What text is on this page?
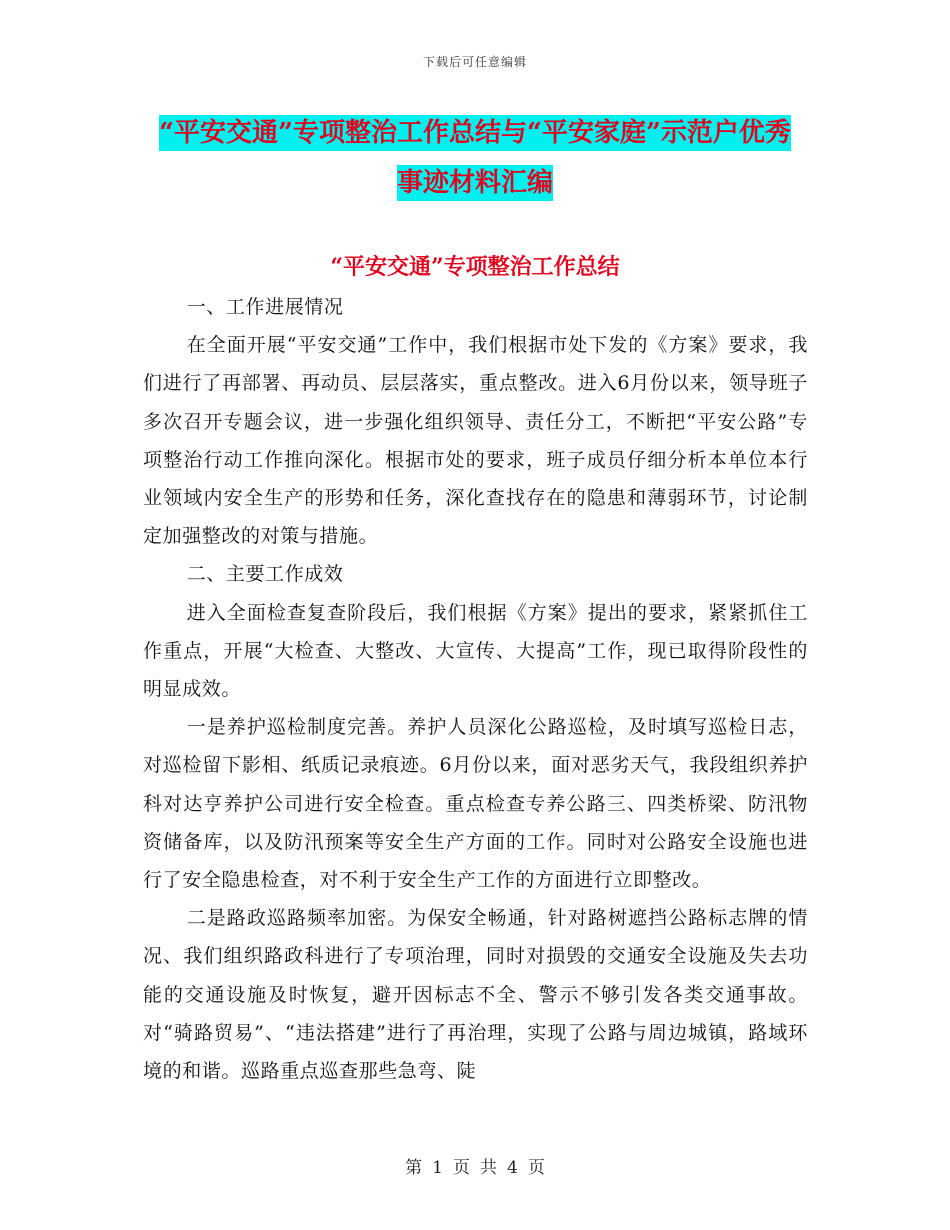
下载后可任意编辑
“平安交通”专项整治工作总结与“平安家庭”示范户优秀事迹材料汇编
“平安交通”专项整治工作总结

一、工作进展情况

在全面开展“平安交通”工作中，我们根据市处下发的《方案》要求，我们进行了再部署、再动员、层层落实，重点整改。进入6月份以来，领导班子多次召开专题会议，进一步强化组织领导、责任分工，不断把“平安公路”专项整治行动工作推向深化。根据市处的要求，班子成员仔细分析本单位本行业领域内安全生产的形势和任务，深化查找存在的隐患和薄弱环节，讨论制定加强整改的对策与措施。

二、主要工作成效

进入全面检查复查阶段后，我们根据《方案》提出的要求，紧紧抓住工作重点，开展“大检查、大整改、大宣传、大提高”工作，现已取得阶段性的明显成效。

一是养护巡检制度完善。养护人员深化公路巡检，及时填写巡检日志，对巡检留下影相、纸质记录痕迹。6月份以来，面对恶劣天气，我段组织养护科对达亨养护公司进行安全检查。重点检查专养公路三、四类桥梁、防汛物资储备库，以及防汛预案等安全生产方面的工作。同时对公路安全设施也进行了安全隐患检查，对不利于安全生产工作的方面进行立即整改。

二是路政巡路频率加密。为保安全畅通，针对路树遮挡公路标志牌的情况、我们组织路政科进行了专项治理，同时对损毁的交通安全设施及失去功能的交通设施及时恢复，避开因标志不全、警示不够引发各类交通事故。对“骑路贸易”、“违法搭建”进行了再治理，实现了公路与周边城镇，路域环境的和谐。巡路重点巡查那些急弯、陡

第 1 页 共 4 页
